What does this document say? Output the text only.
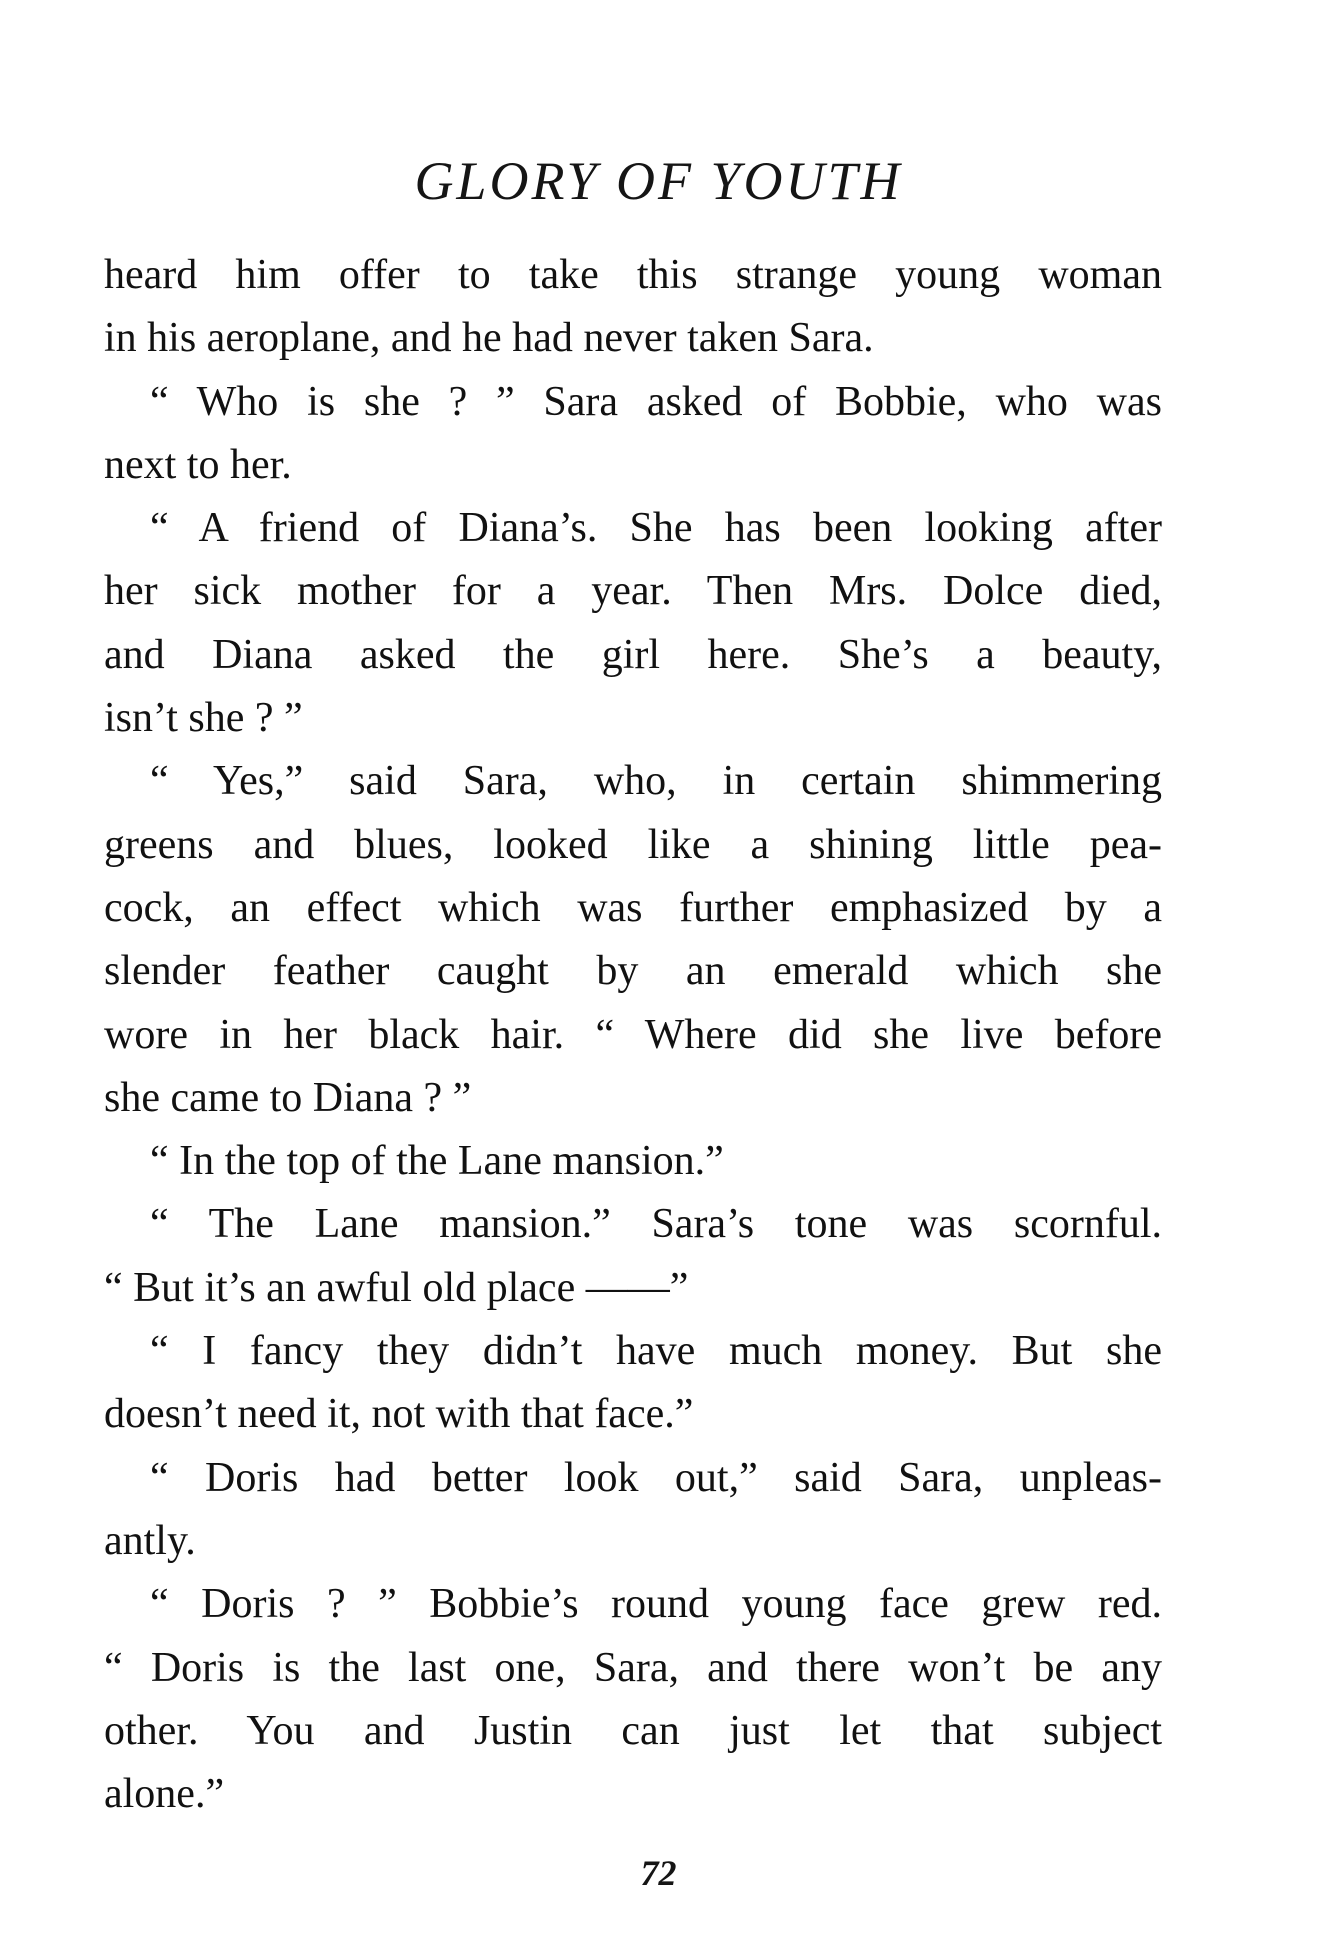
GLORY OF YOUTH
heard him offer to take this strange young woman
in his aeroplane, and he had never taken Sara.
“ Who is she ? ” Sara asked of Bobbie, who was
next to her.
“ A friend of Diana’s. She has been looking after
her sick mother for a year. Then Mrs. Dolce died,
and Diana asked the girl here. She’s a beauty,
isn’t she ? ”
“ Yes,” said Sara, who, in certain shimmering
greens and blues, looked like a shining little pea-
cock, an effect which was further emphasized by a
slender feather caught by an emerald which she
wore in her black hair. “ Where did she live before
she came to Diana ? ”
“ In the top of the Lane mansion.”
“ The Lane mansion.” Sara’s tone was scornful.
“ But it’s an awful old place ——”
“ I fancy they didn’t have much money. But she
doesn’t need it, not with that face.”
“ Doris had better look out,” said Sara, unpleas-
antly.
“ Doris ? ” Bobbie’s round young face grew red.
“ Doris is the last one, Sara, and there won’t be any
other. You and Justin can just let that subject
alone.”
72
